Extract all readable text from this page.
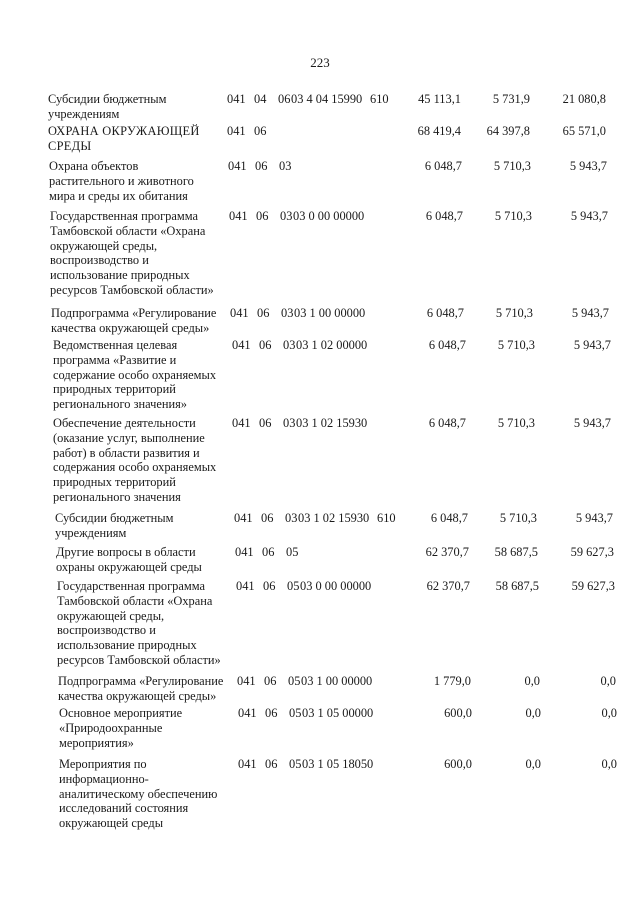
223
Субсидии бюджетным
учреждениям
041 04 06 03 4 04 15990 610	45 113,1	5 731,9	21 080,8
ОХРАНА ОКРУЖАЮЩЕЙ
СРЕДЫ
041 06	68 419,4	64 397,8	65 571,0
Охрана объектов
растительного и животного
мира и среды их обитания
041 06 03	6 048,7	5 710,3	5 943,7
Государственная программа
Тамбовской области «Охрана
окружающей среды,
воспроизводство и
использование природных
ресурсов Тамбовской области»
041 06 03 03 0 00 00000	6 048,7	5 710,3	5 943,7
Подпрограмма «Регулирование
качества окружающей среды»
041 06 03 03 1 00 00000	6 048,7	5 710,3	5 943,7
Ведомственная целевая
программа «Развитие и
содержание особо охраняемых
природных территорий
регионального значения»
041 06 03 03 1 02 00000	6 048,7	5 710,3	5 943,7
Обеспечение деятельности
(оказание услуг, выполнение
работ) в области развития и
содержания особо охраняемых
природных территорий
регионального значения
041 06 03 03 1 02 15930	6 048,7	5 710,3	5 943,7
Субсидии бюджетным
учреждениям
041 06 03 03 1 02 15930 610	6 048,7	5 710,3	5 943,7
Другие вопросы в области
охраны окружающей среды
041 06 05	62 370,7	58 687,5	59 627,3
Государственная программа
Тамбовской области «Охрана
окружающей среды,
воспроизводство и
использование природных
ресурсов Тамбовской области»
041 06 05 03 0 00 00000	62 370,7	58 687,5	59 627,3
Подпрограмма «Регулирование
качества окружающей среды»
041 06 05 03 1 00 00000	1 779,0	0,0	0,0
Основное мероприятие
«Природоохранные
мероприятия»
041 06 05 03 1 05 00000	600,0	0,0	0,0
Мероприятия по
информационно-
аналитическому обеспечению
исследований состояния
окружающей среды
041 06 05 03 1 05 18050	600,0	0,0	0,0
